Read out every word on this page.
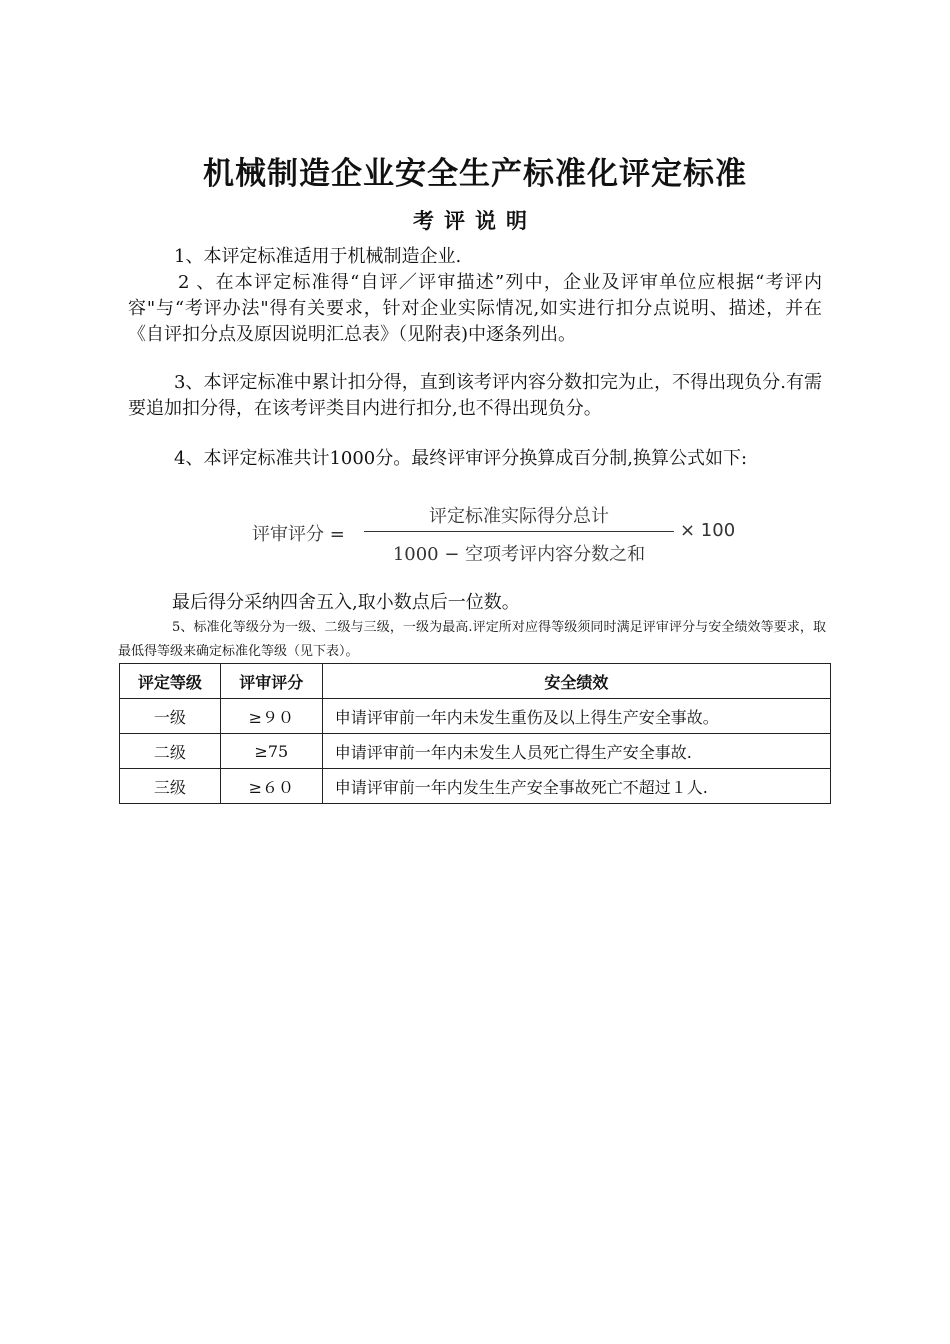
机械制造企业安全生产标准化评定标准
考评说明

1、本评定标准适用于机械制造企业.

2 、在本评定标准得“自评／评审描述”列中，企业及评审单位应根据“考评内容"与“考评办法"得有关要求，针对企业实际情况,如实进行扣分点说明、描述，并在《自评扣分点及原因说明汇总表》（见附表)中逐条列出。

3、本评定标准中累计扣分得，直到该考评内容分数扣完为止，不得出现负分.有需要追加扣分得，在该考评类目内进行扣分,也不得出现负分。

4、本评定标准共计1000分。最终评审评分换算成百分制,换算公式如下:

评审评分 =
评定标准实际得分总计
1000 − 空项考评内容分数之和
× 100
最后得分采纳四舍五入,取小数点后一位数。

5、标准化等级分为一级、二级与三级，一级为最高.评定所对应得等级须同时满足评审评分与安全绩效等要求，取最低得等级来确定标准化等级（见下表）。

评定等级	评审评分	安全绩效
一级	≥９０	申请评审前一年内未发生重伤及以上得生产安全事故。
二级	≥75	申请评审前一年内未发生人员死亡得生产安全事故.
三级	≥６０	申请评审前一年内发生生产安全事故死亡不超过１人.
